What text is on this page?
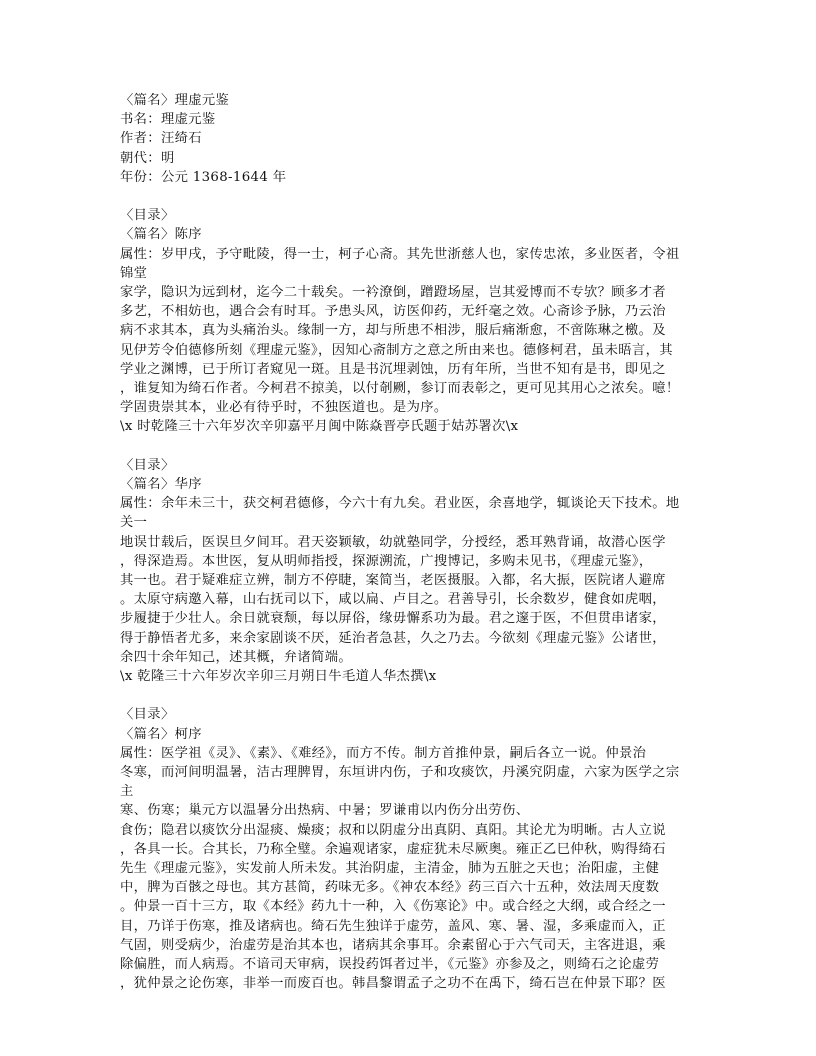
〈篇名〉理虚元鉴
书名：理虚元鉴
作者：汪绮石
朝代：明
年份：公元 1368-1644 年
〈目录〉
〈篇名〉陈序
属性：岁甲戌，予守毗陵，得一士，柯子心斋。其先世浙慈人也，家传忠浓，多业医者，令祖
锦堂
家学，隐识为远到材，迄今二十载矣。一衿潦倒，蹭蹬场屋，岂其爱博而不专欤？顾多才者
多艺，不相妨也，遇合会有时耳。予患头风，访医仰药，无纤毫之效。心斋诊予脉，乃云治
病不求其本，真为头痛治头。缘制一方，却与所患不相涉，服后痛渐愈，不啻陈琳之檄。及
见伊芳令伯德修所刻《理虚元鉴》，因知心斋制方之意之所由来也。德修柯君，虽未晤言，其
学业之渊博，已于所订者窥见一斑。且是书沉埋剥蚀，历有年所，当世不知有是书，即见之
，谁复知为绮石作者。今柯君不掠美，以付剞劂，参订而表彰之，更可见其用心之浓矣。噫！
学固贵崇其本，业必有待乎时，不独医道也。是为序。
\x 时乾隆三十六年岁次辛卯嘉平月闽中陈焱晋亭氏题于姑苏署次\x
〈目录〉
〈篇名〉华序
属性：余年未三十，获交柯君德修，今六十有九矣。君业医，余喜地学，辄谈论天下技术。地
关一
地误廿载后，医误旦夕间耳。君天姿颖敏，幼就塾同学，分授经，悉耳熟背诵，故潜心医学
，得深造焉。本世医，复从明师指授，探源溯流，广搜博记，多购未见书，《理虚元鉴》，
其一也。君于疑难症立辨，制方不停睫，案简当，老医摄服。入都，名大振，医院诸人避席
。太原守病邀入幕，山右抚司以下，咸以扁、卢目之。君善导引，长余数岁，健食如虎咽，
步履捷于少壮人。余日就衰颓，每以屏俗，缘毋懈系功为最。君之邃于医，不但贯串诸家，
得于静悟者尤多，来余家剧谈不厌，延治者急甚，久之乃去。今欲刻《理虚元鉴》公诸世，
余四十余年知己，述其概，弁诸简端。
\x 乾隆三十六年岁次辛卯三月朔日牛毛道人华杰撰\x
〈目录〉
〈篇名〉柯序
属性：医学祖《灵》、《素》、《难经》，而方不传。制方首推仲景，嗣后各立一说。仲景治
冬寒，而河间明温暑，洁古理脾胃，东垣讲内伤，子和攻痰饮，丹溪究阴虚，六家为医学之宗
主
寒、伤寒；巢元方以温暑分出热病、中暑；罗谦甫以内伤分出劳伤、
食伤；隐君以痰饮分出湿痰、燥痰；叔和以阴虚分出真阴、真阳。其论尤为明晰。古人立说
，各具一长。合其长，乃称全璧。余遍观诸家，虚症犹未尽厥奥。雍正乙巳仲秋，购得绮石
先生《理虚元鉴》，实发前人所未发。其治阴虚，主清金，肺为五脏之天也；治阳虚，主健
中，脾为百骸之母也。其方甚简，药味无多。《神农本经》药三百六十五种，效法周天度数
。仲景一百十三方，取《本经》药九十一种，入《伤寒论》中。或合经之大纲，或合经之一
目，乃详于伤寒，推及诸病也。绮石先生独详于虚劳，盖风、寒、暑、湿，多乘虚而入，正
气固，则受病少，治虚劳是治其本也，诸病其余事耳。余素留心于六气司天，主客进退，乘
除偏胜，而人病焉。不谙司天审病，误投药饵者过半，《元鉴》亦参及之，则绮石之论虚劳
，犹仲景之论伤寒，非举一而废百也。韩昌黎谓孟子之功不在禹下，绮石岂在仲景下耶？医
